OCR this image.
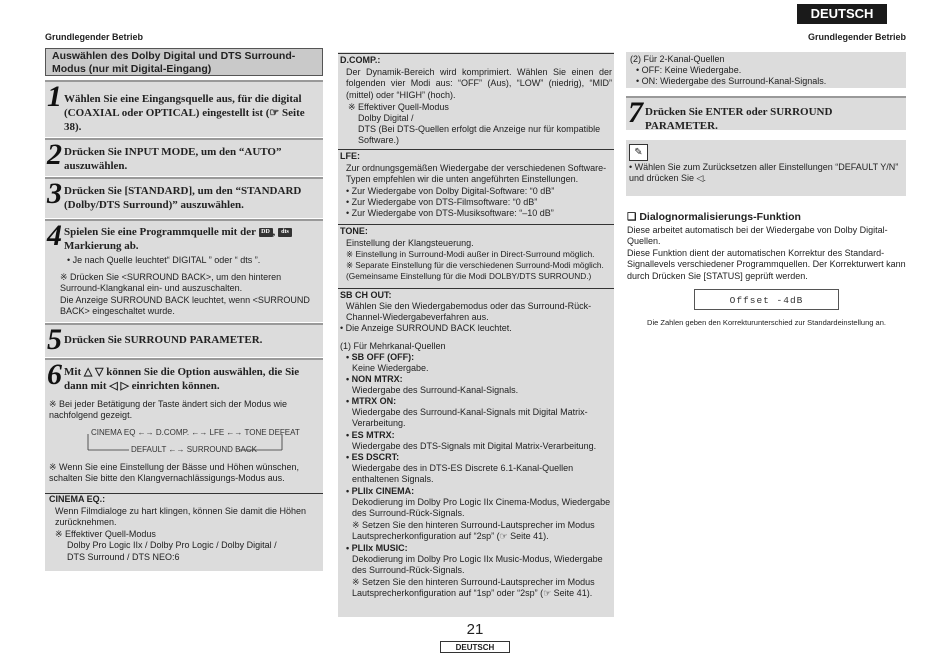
DEUTSCH
Grundlegender Betrieb	Grundlegender Betrieb
Auswählen des Dolby Digital und DTS Surround-Modus (nur mit Digital-Eingang)
1 Wählen Sie eine Eingangsquelle aus, für die digital (COAXIAL oder OPTICAL) eingestellt ist (☞ Seite 38).
2 Drücken Sie INPUT MODE, um den “AUTO” auszuwählen.
3 Drücken Sie [STANDARD], um den “STANDARD (Dolby/DTS Surround)” auszuwählen.
4 Spielen Sie eine Programmquelle mit der DD , dts Markierung ab.
• Je nach Quelle leuchtet“ DIGITAL ” oder “ dts ”.
※ Drücken Sie <SURROUND BACK>, um den hinteren Surround-Klangkanal ein- und auszuschalten.
Die Anzeige SURROUND BACK leuchtet, wenn <SURROUND BACK> eingeschaltet wurde.
5 Drücken Sie SURROUND PARAMETER.
6 Mit △ ▽ können Sie die Option auswählen, die Sie dann mit ◁ ▷ einrichten können.
※ Bei jeder Betätigung der Taste ändert sich der Modus wie nachfolgend gezeigt.
CINEMA EQ ←→ D.COMP. ←→ LFE ←→ TONE DEFEAT
DEFAULT ←→ SURROUND BACK
※ Wenn Sie eine Einstellung der Bässe und Höhen wünschen, schalten Sie bitte den Klangvernachlässigungs-Modus aus.
CINEMA EQ.:
Wenn Filmdialoge zu hart klingen, können Sie damit die Höhen zurücknehmen.
※ Effektiver Quell-Modus
Dolby Pro Logic IIx / Dolby Pro Logic / Dolby Digital /
DTS Surround / DTS NEO:6
D.COMP.:
Der Dynamik-Bereich wird komprimiert. Wählen Sie einen der folgenden vier Modi aus: “OFF” (Aus), “LOW” (niedrig), “MID” (mittel) oder “HIGH” (hoch).
※ Effektiver Quell-Modus
Dolby Digital /
DTS (Bei DTS-Quellen erfolgt die Anzeige nur für kompatible Software.)
LFE:
Zur ordnungsgemäßen Wiedergabe der verschiedenen Software-Typen empfehlen wir die unten angeführten Einstellungen.
• Zur Wiedergabe von Dolby Digital-Software: “0 dB”
• Zur Wiedergabe von DTS-Filmsoftware: “0 dB”
• Zur Wiedergabe von DTS-Musiksoftware: “–10 dB”
TONE:
Einstellung der Klangsteuerung.
※ Einstellung in Surround-Modi außer in Direct-Surround möglich.
※ Separate Einstellung für die verschiedenen Surround-Modi möglich. (Gemeinsame Einstellung für die Modi DOLBY/DTS SURROUND.)
SB CH OUT:
Wählen Sie den Wiedergabemodus oder das Surround-Rück-Channel-Wiedergabeverfahren aus.
• Die Anzeige SURROUND BACK leuchtet.
(1) Für Mehrkanal-Quellen
• SB OFF (OFF):
Keine Wiedergabe.
• NON MTRX:
Wiedergabe des Surround-Kanal-Signals.
• MTRX ON:
Wiedergabe des Surround-Kanal-Signals mit Digital Matrix-Verarbeitung.
• ES MTRX:
Wiedergabe des DTS-Signals mit Digital Matrix-Verarbeitung.
• ES DSCRT:
Wiedergabe des in DTS-ES Discrete 6.1-Kanal-Quellen enthaltenen Signals.
• PLIIx CINEMA:
Dekodierung im Dolby Pro Logic IIx Cinema-Modus, Wiedergabe des Surround-Rück-Signals.
※ Setzen Sie den hinteren Surround-Lautsprecher im Modus Lautsprecherkonfiguration auf “2sp” (☞ Seite 41).
• PLIIx MUSIC:
Dekodierung im Dolby Pro Logic IIx Music-Modus, Wiedergabe des Surround-Rück-Signals.
※ Setzen Sie den hinteren Surround-Lautsprecher im Modus Lautsprecherkonfiguration auf “1sp” oder “2sp” (☞ Seite 41).
(2) Für 2-Kanal-Quellen
• OFF: Keine Wiedergabe.
• ON: Wiedergabe des Surround-Kanal-Signals.
7 Drücken Sie ENTER oder SURROUND PARAMETER.
✎
• Wählen Sie zum Zurücksetzen aller Einstellungen “DEFAULT Y/N” und drücken Sie ◁.
❑ Dialognormalisierungs-Funktion
Diese arbeitet automatisch bei der Wiedergabe von Dolby Digital-Quellen.
Diese Funktion dient der automatischen Korrektur des Standard-Signallevels verschiedener Programmquellen. Der Korrekturwert kann durch Drücken Sie [STATUS] geprüft werden.
Offset -4dB
Die Zahlen geben den Korrekturunterschied zur Standardeinstellung an.
21
DEUTSCH
